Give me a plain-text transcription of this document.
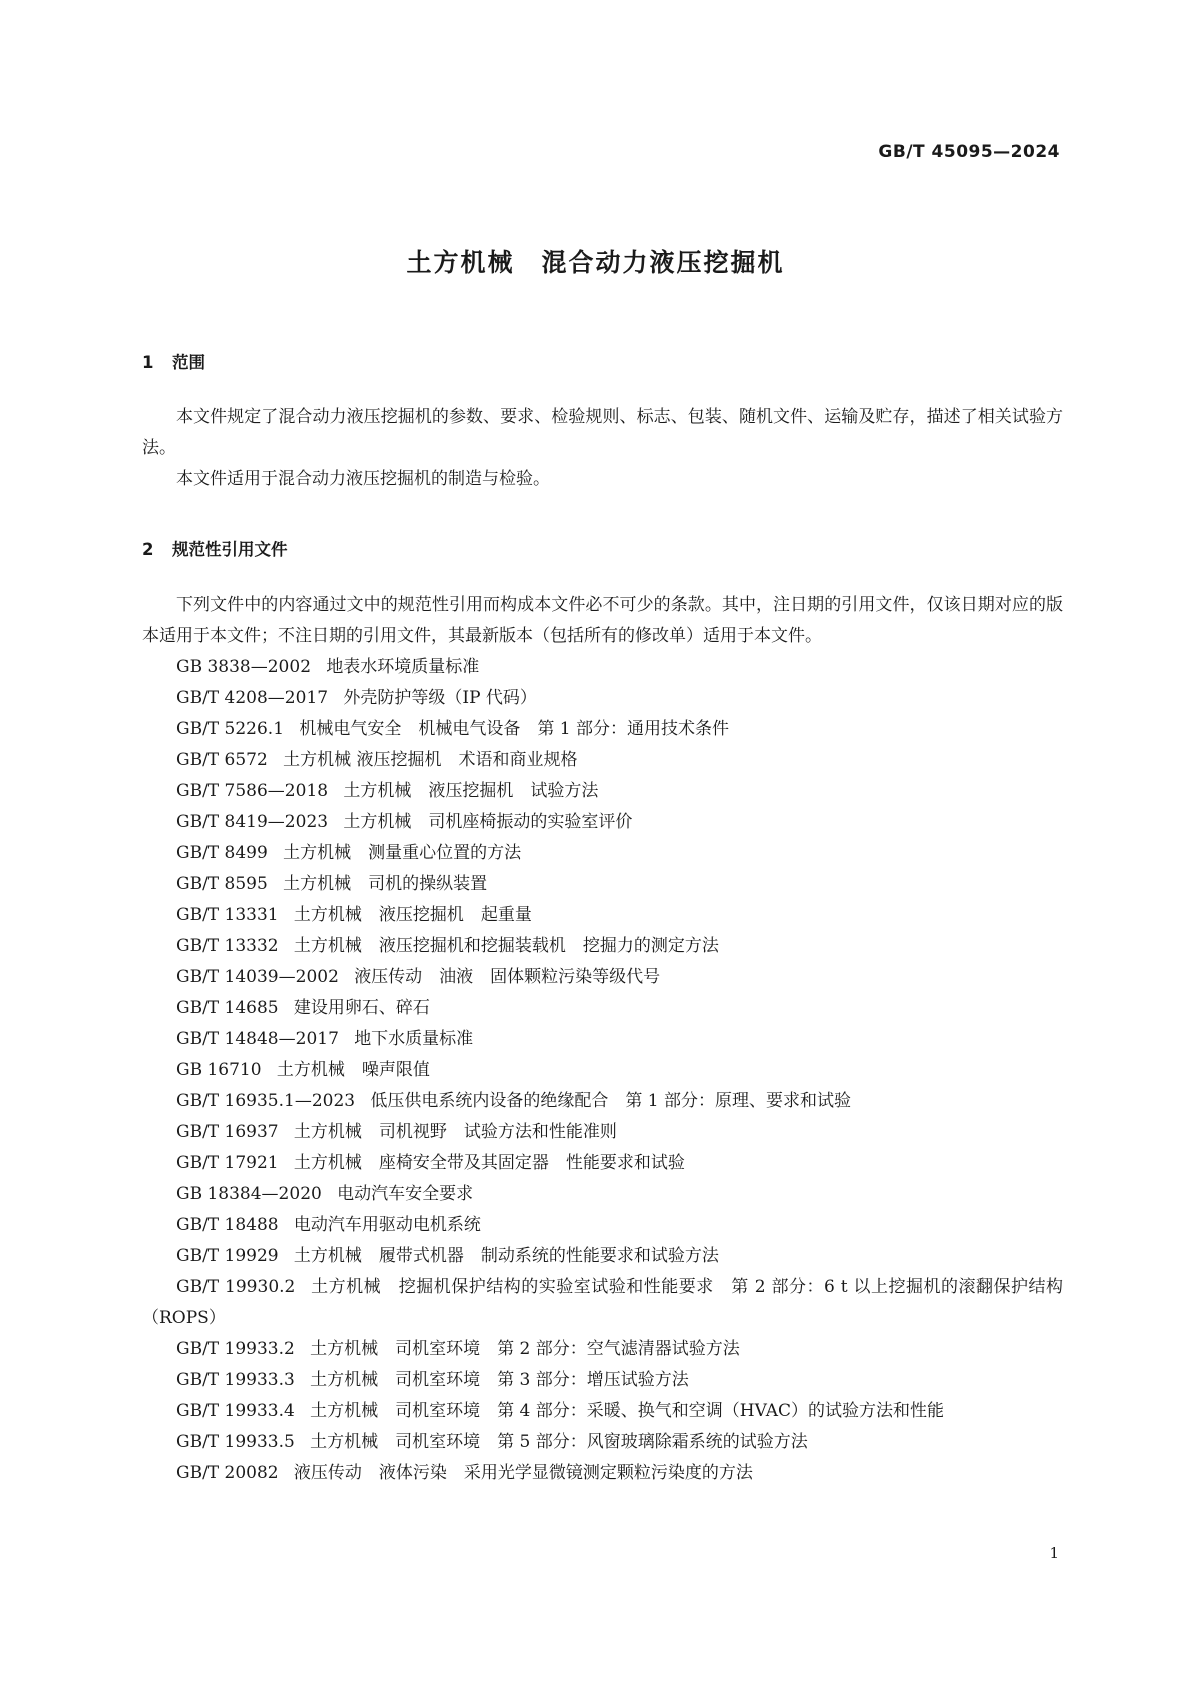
GB/T 45095—2024
土方机械　混合动力液压挖掘机
1 范围

本文件规定了混合动力液压挖掘机的参数、要求、检验规则、标志、包装、随机文件、运输及贮存，描述了相关试验方法。

本文件适用于混合动力液压挖掘机的制造与检验。

2 规范性引用文件

下列文件中的内容通过文中的规范性引用而构成本文件必不可少的条款。其中，注日期的引用文件，仅该日期对应的版本适用于本文件；不注日期的引用文件，其最新版本（包括所有的修改单）适用于本文件。

GB 3838—2002 地表水环境质量标准
GB/T 4208—2017 外壳防护等级（IP 代码）
GB/T 5226.1 机械电气安全　机械电气设备　第 1 部分：通用技术条件
GB/T 6572 土方机械 液压挖掘机　术语和商业规格
GB/T 7586—2018 土方机械　液压挖掘机　试验方法
GB/T 8419—2023 土方机械　司机座椅振动的实验室评价
GB/T 8499 土方机械　测量重心位置的方法
GB/T 8595 土方机械　司机的操纵装置
GB/T 13331 土方机械　液压挖掘机　起重量
GB/T 13332 土方机械　液压挖掘机和挖掘装载机　挖掘力的测定方法
GB/T 14039—2002 液压传动　油液　固体颗粒污染等级代号
GB/T 14685 建设用卵石、碎石
GB/T 14848—2017 地下水质量标准
GB 16710 土方机械　噪声限值
GB/T 16935.1—2023 低压供电系统内设备的绝缘配合　第 1 部分：原理、要求和试验
GB/T 16937 土方机械　司机视野　试验方法和性能准则
GB/T 17921 土方机械　座椅安全带及其固定器　性能要求和试验
GB 18384—2020 电动汽车安全要求
GB/T 18488 电动汽车用驱动电机系统
GB/T 19929 土方机械　履带式机器　制动系统的性能要求和试验方法
GB/T 19930.2 土方机械　挖掘机保护结构的实验室试验和性能要求　第 2 部分：6 t 以上挖掘机的滚翻保护结构（ROPS）
GB/T 19933.2 土方机械　司机室环境　第 2 部分：空气滤清器试验方法
GB/T 19933.3 土方机械　司机室环境　第 3 部分：增压试验方法
GB/T 19933.4 土方机械　司机室环境　第 4 部分：采暖、换气和空调（HVAC）的试验方法和性能
GB/T 19933.5 土方机械　司机室环境　第 5 部分：风窗玻璃除霜系统的试验方法
GB/T 20082 液压传动　液体污染　采用光学显微镜测定颗粒污染度的方法
1
